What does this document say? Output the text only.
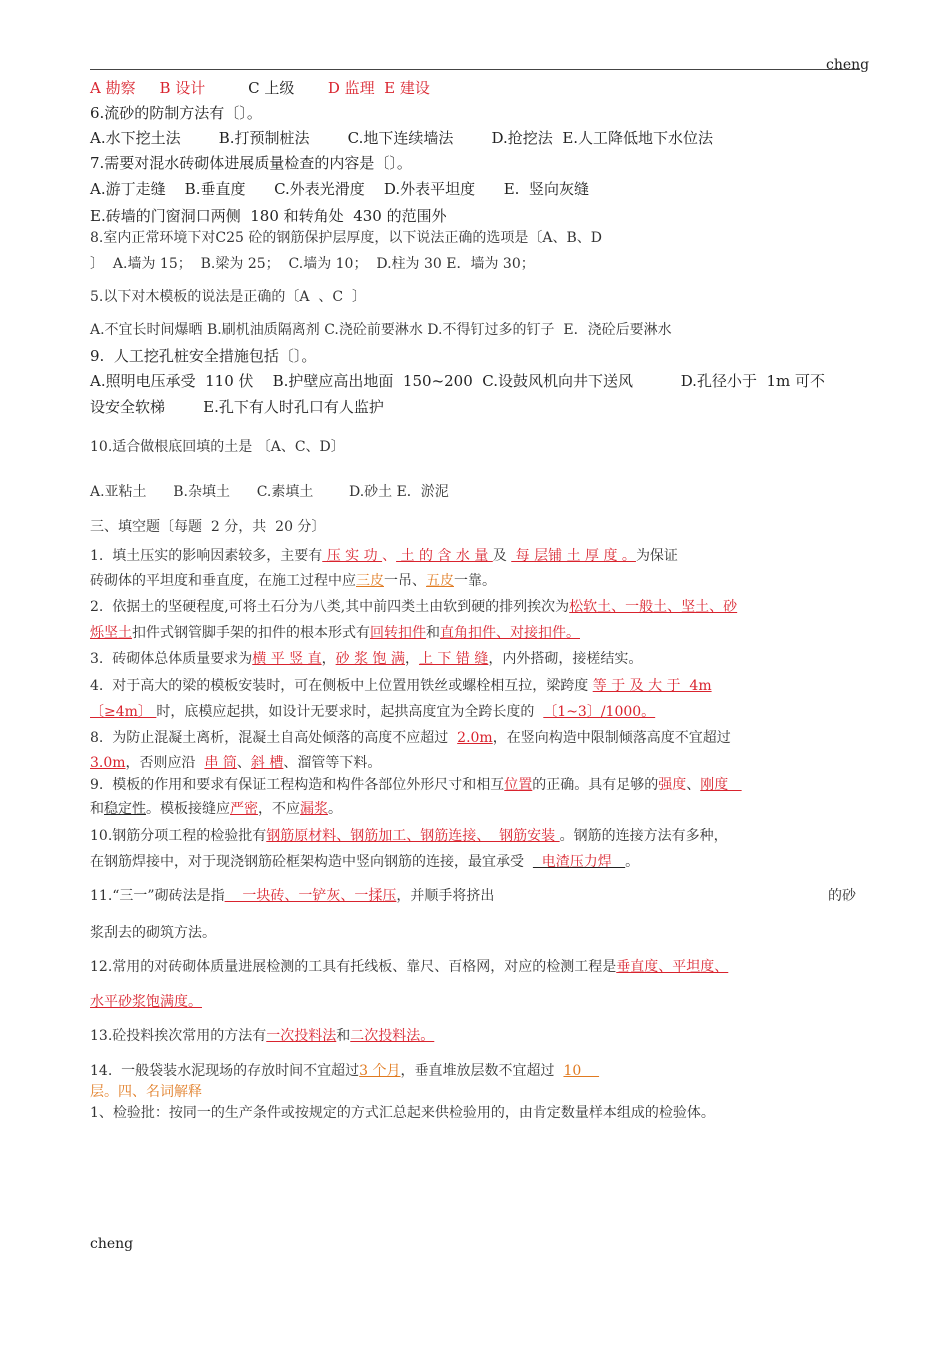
cheng
A 勘察 B 设计	C 上级 D 监理 E 建设
6.流砂的防制方法有〔〕。
A.水下挖土法        B.打预制桩法        C.地下连续墙法        D.抢挖法  E.人工降低地下水位法
7.需要对混水砖砌体进展质量检查的内容是〔〕。
A.游丁走缝    B.垂直度      C.外表光滑度    D.外表平坦度      E.  竖向灰缝
E.砖墙的门窗洞口两侧  180 和转角处  430 的范围外
8.室内正常环境下对C25 砼的钢筋保护层厚度，以下说法正确的选项是〔A、B、D
〕  A.墙为 15；  B.梁为 25；  C.墙为 10；  D.柱为 30 E．墙为 30；
5.以下对木模板的说法是正确的〔A  、C  〕
A.不宜长时间爆晒 B.刷机油质隔离剂 C.浇砼前要淋水 D.不得钉过多的钉子  E．浇砼后要淋水
9.  人工挖孔桩安全措施包括〔〕。
A.照明电压承受  110 伏    B.护壁应高出地面  150~200  C.设鼓风机向井下送风          D.孔径小于  1m 可不
设安全软梯        E.孔下有人时孔口有人监护
10.适合做根底回填的土是 〔A、C、D〕
A.亚粘土      B.杂填土      C.素填土        D.砂土 E．淤泥
三、填空题〔每题  2 分，共  20 分〕
1.  填土压实的影响因素较多，主要有 压 实 功 、 土 的 含 水 量 及  每 层铺 土 厚 度 。为保证
砖砌体的平坦度和垂直度，在施工过程中应三皮一吊、五皮一靠。
2.  依据土的坚硬程度,可将土石分为八类,其中前四类土由软到硬的排列挨次为松软土、一般土、坚土、砂
烁坚土扣件式钢管脚手架的扣件的根本形式有回转扣件和直角扣件、对接扣件。
3.  砖砌体总体质量要求为横 平 竖 直，砂 浆 饱 满，上 下 错 缝，内外搭砌，接槎结实。
4.  对于高大的梁的模板安装时，可在侧板中上位置用铁丝或螺栓相互拉，梁跨度 等 于 及 大 于  4m
〔≥4m〕 时，底模应起拱，如设计无要求时，起拱高度宜为全跨长度的  〔1~3〕/1000。
8.  为防止混凝土离析，混凝土自高处倾落的高度不应超过  2.0m，在竖向构造中限制倾落高度不宜超过
3.0m，否则应沿  串 筒、斜 槽、溜管等下料。
9.  模板的作用和要求有保证工程构造和构件各部位外形尺寸和相互位置的正确。具有足够的强度、刚度
和稳定性。模板接缝应严密，不应漏浆。
10.钢筋分项工程的检验批有钢筋原材料、钢筋加工、钢筋连接、  钢筋安装 。钢筋的连接方法有多种，
在钢筋焊接中，对于现浇钢筋砼框架构造中竖向钢筋的连接，最宜承受    电渣压力焊   。
11.“三一”砌砖法是指    一块砖、一铲灰、一揉压，并顺手将挤出	的砂
浆刮去的砌筑方法。
12.常用的对砖砌体质量进展检测的工具有托线板、靠尺、百格网，对应的检测工程是垂直度、平坦度、
水平砂浆饱满度。
13.砼投料挨次常用的方法有一次投料法和二次投料法。
14.  一般袋装水泥现场的存放时间不宜超过3 个月，垂直堆放层数不宜超过  10
层。四、名词解释
1、检验批：按同一的生产条件或按规定的方式汇总起来供检验用的，由肯定数量样本组成的检验体。
cheng
